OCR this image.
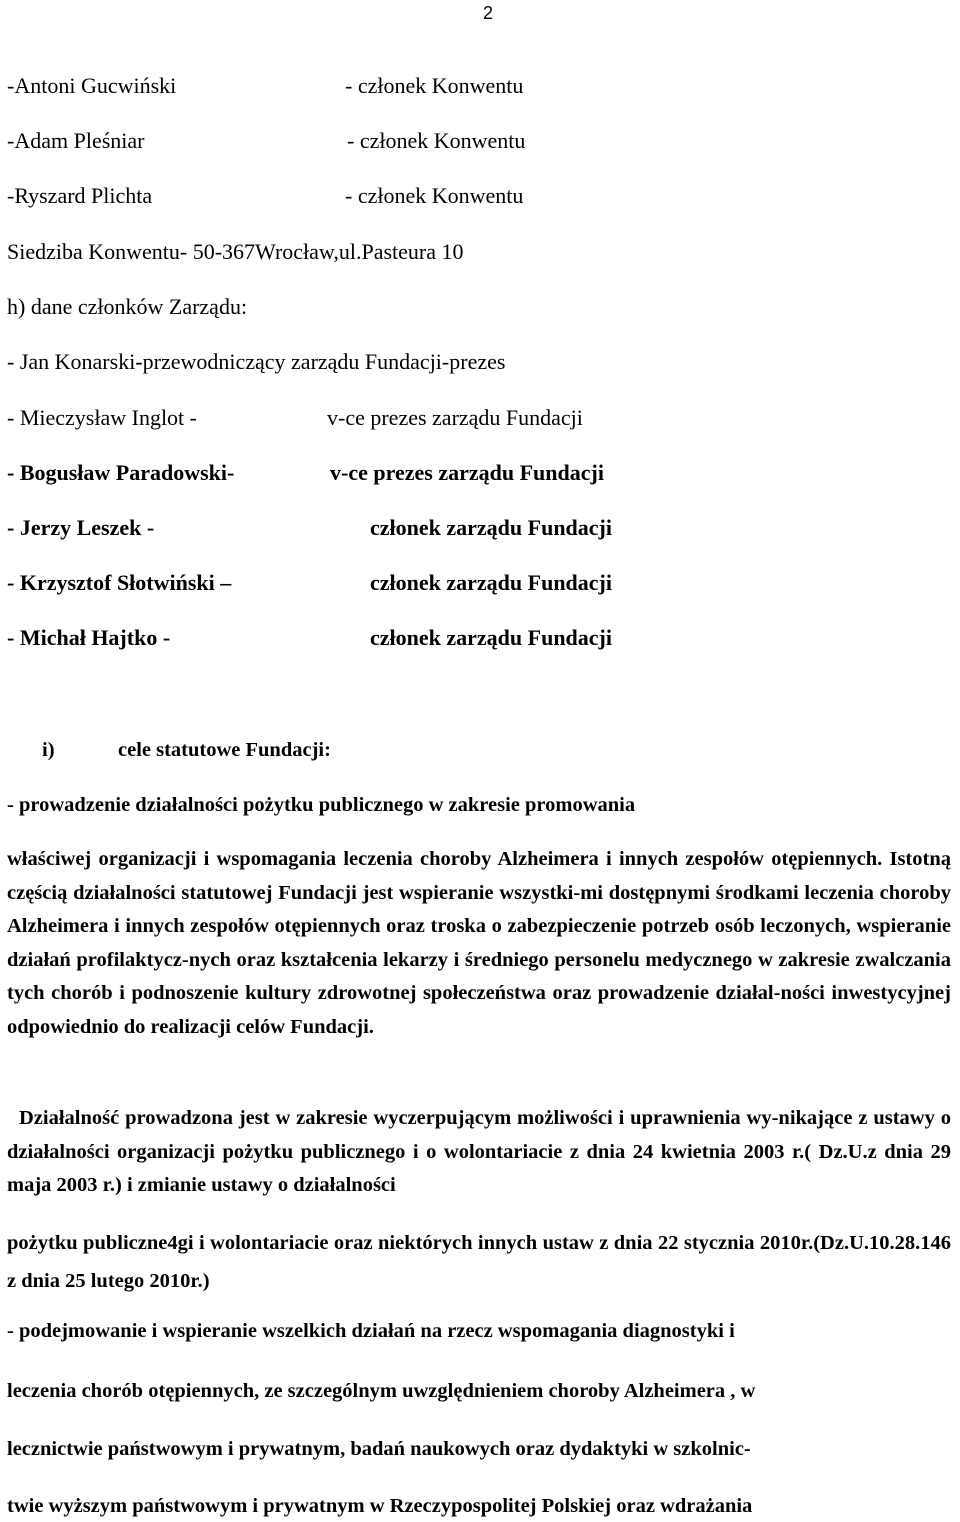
2
-Antoni Gucwiński	- członek Konwentu
-Adam Pleśniar	- członek Konwentu
-Ryszard Plichta	- członek Konwentu
Siedziba Konwentu- 50-367Wrocław,ul.Pasteura 10
h) dane członków Zarządu:
- Jan Konarski-przewodniczący zarządu Fundacji-prezes
- Mieczysław Inglot -	v-ce prezes zarządu Fundacji
- Bogusław Paradowski-	v-ce prezes zarządu Fundacji
- Jerzy Leszek -	członek zarządu Fundacji
- Krzysztof Słotwiński –	członek zarządu Fundacji
- Michał Hajtko -	członek zarządu Fundacji
i)	cele statutowe Fundacji:
- prowadzenie działalności pożytku publicznego w zakresie promowania
właściwej organizacji i wspomagania leczenia choroby Alzheimera i innych zespołów otępiennych. Istotną częścią działalności statutowej Fundacji jest wspieranie wszystki-mi dostępnymi środkami leczenia choroby Alzheimera i innych zespołów otępiennych oraz troska o zabezpieczenie potrzeb osób leczonych, wspieranie działań profilaktycz-nych oraz kształcenia lekarzy i średniego personelu medycznego w zakresie zwalczania tych chorób i podnoszenie kultury zdrowotnej społeczeństwa oraz prowadzenie działal-ności inwestycyjnej odpowiednio do realizacji celów Fundacji.
Działalność prowadzona jest w zakresie wyczerpującym możliwości i uprawnienia wy-nikające z ustawy o działalności organizacji pożytku publicznego i o wolontariacie z dnia 24 kwietnia 2003 r.( Dz.U.z dnia 29 maja 2003 r.) i zmianie ustawy o działalności
pożytku publiczne4gi i wolontariacie oraz niektórych innych ustaw z dnia 22 stycznia 2010r.(Dz.U.10.28.146 z dnia 25 lutego 2010r.)
- podejmowanie i wspieranie wszelkich działań na rzecz wspomagania diagnostyki i
leczenia chorób otępiennych, ze szczególnym uwzględnieniem choroby Alzheimera , w
lecznictwie państwowym i prywatnym, badań naukowych oraz dydaktyki w szkolnic-
twie wyższym państwowym i prywatnym w Rzeczypospolitej Polskiej oraz wdrażania
